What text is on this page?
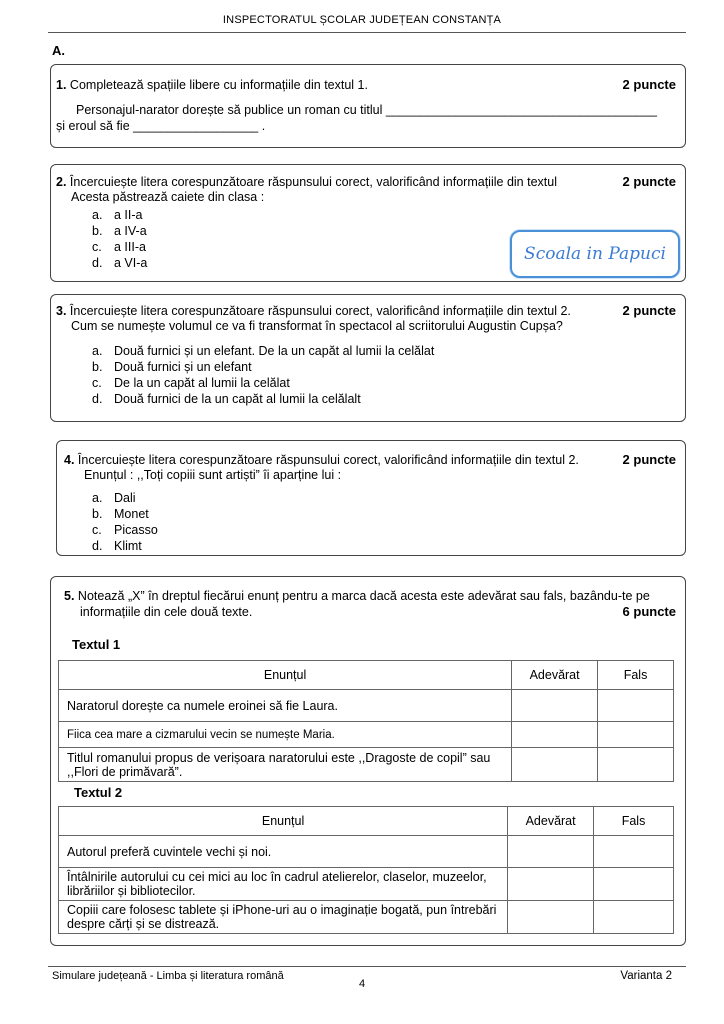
INSPECTORATUL ȘCOLAR JUDEȚEAN CONSTANȚA
A.
1. Completează spațiile libere cu informațiile din textul 1.	2 puncte
Personajul-narator dorește să publice un roman cu titlul _______________________________________
și eroul să fie __________________ .
2. Încercuiește litera corespunzătoare răspunsului corect, valorificând informațiile din textul	2 puncte
Acesta păstrează caiete din clasa :
a. a II-a
b. a IV-a
c. a III-a
d. a VI-a	Scoala in Papuci
3. Încercuiește litera corespunzătoare răspunsului corect, valorificând informațiile din textul 2.	2 puncte
Cum se numește volumul ce va fi transformat în spectacol al scriitorului Augustin Cupșa?
a. Două furnici și un elefant. De la un capăt al lumii la celălat
b. Două furnici și un elefant
c. De la un capăt al lumii la celălat
d. Două furnici de la un capăt al lumii la celălalt
4. Încercuiește litera corespunzătoare răspunsului corect, valorificând informațiile din textul 2.	2 puncte
Enunțul : ,,Toți copiii sunt artiști” îi aparține lui :
a. Dali
b. Monet
c. Picasso
d. Klimt
5. Notează „X” în dreptul fiecărui enunț pentru a marca dacă acesta este adevărat sau fals, bazându-te pe
informațiile din cele două texte.	6 puncte
Textul 1
Enunțul	Adevărat	Fals
Naratorul dorește ca numele eroinei să fie Laura.		
Fiica cea mare a cizmarului vecin se numește Maria.		
Titlul romanului propus de verișoara naratorului este ,,Dragoste de copil” sau ,,Flori de primăvară”.		
Textul 2
Enunțul	Adevărat	Fals
Autorul preferă cuvintele vechi și noi.		
Întâlnirile autorului cu cei mici au loc în cadrul atelierelor, claselor, muzeelor, librăriilor și bibliotecilor.		
Copiii care folosesc tablete și iPhone-uri au o imaginație bogată, pun întrebări despre cărți și se distrează.		
Simulare județeană - Limba și literatura română
4
Varianta 2
